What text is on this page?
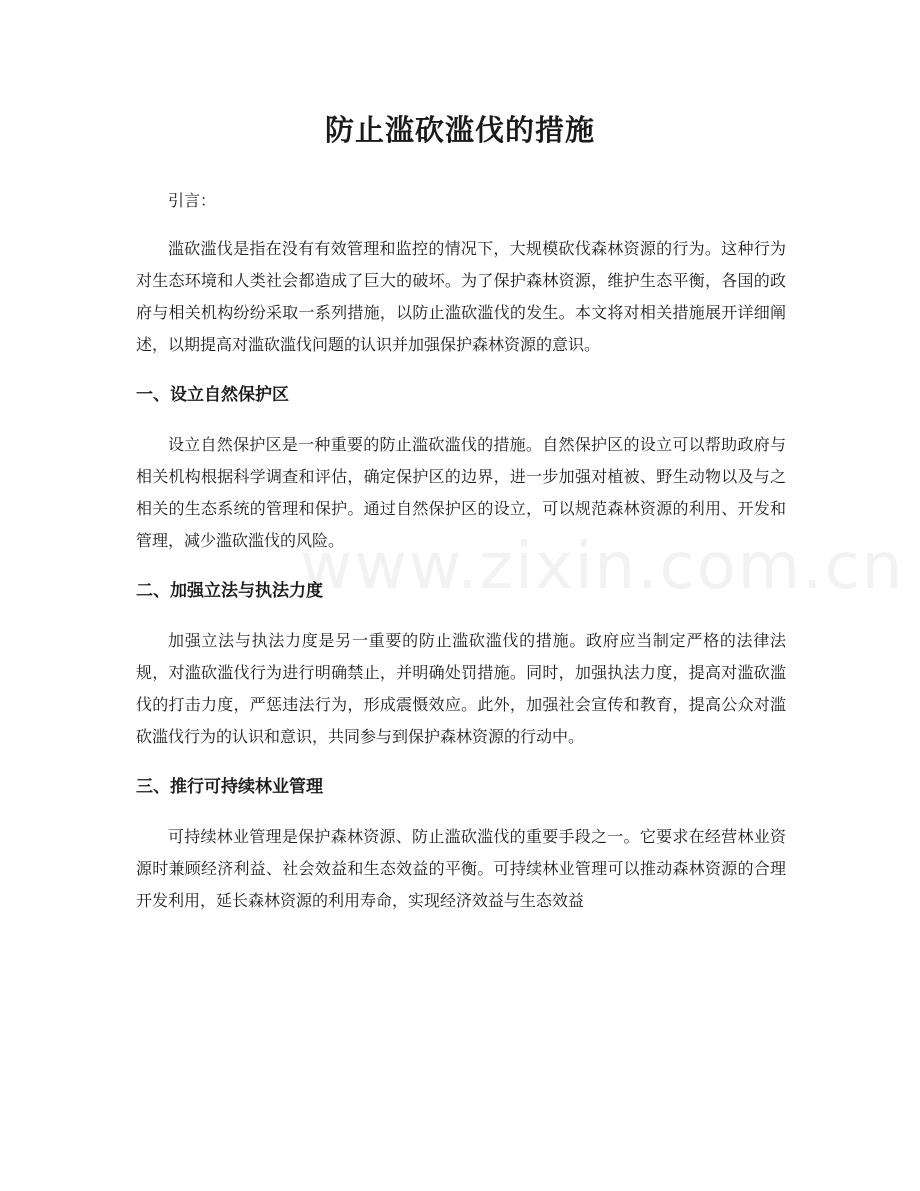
www.zixin.com.cn
防止滥砍滥伐的措施

引言：

滥砍滥伐是指在没有有效管理和监控的情况下，大规模砍伐森林资源的行为。这种行为对生态环境和人类社会都造成了巨大的破坏。为了保护森林资源，维护生态平衡，各国的政府与相关机构纷纷采取一系列措施，以防止滥砍滥伐的发生。本文将对相关措施展开详细阐述，以期提高对滥砍滥伐问题的认识并加强保护森林资源的意识。

一、设立自然保护区

设立自然保护区是一种重要的防止滥砍滥伐的措施。自然保护区的设立可以帮助政府与相关机构根据科学调查和评估，确定保护区的边界，进一步加强对植被、野生动物以及与之相关的生态系统的管理和保护。通过自然保护区的设立，可以规范森林资源的利用、开发和管理，减少滥砍滥伐的风险。

二、加强立法与执法力度

加强立法与执法力度是另一重要的防止滥砍滥伐的措施。政府应当制定严格的法律法规，对滥砍滥伐行为进行明确禁止，并明确处罚措施。同时，加强执法力度，提高对滥砍滥伐的打击力度，严惩违法行为，形成震慑效应。此外，加强社会宣传和教育，提高公众对滥砍滥伐行为的认识和意识，共同参与到保护森林资源的行动中。

三、推行可持续林业管理

可持续林业管理是保护森林资源、防止滥砍滥伐的重要手段之一。它要求在经营林业资源时兼顾经济利益、社会效益和生态效益的平衡。可持续林业管理可以推动森林资源的合理开发利用，延长森林资源的利用寿命，实现经济效益与生态效益
